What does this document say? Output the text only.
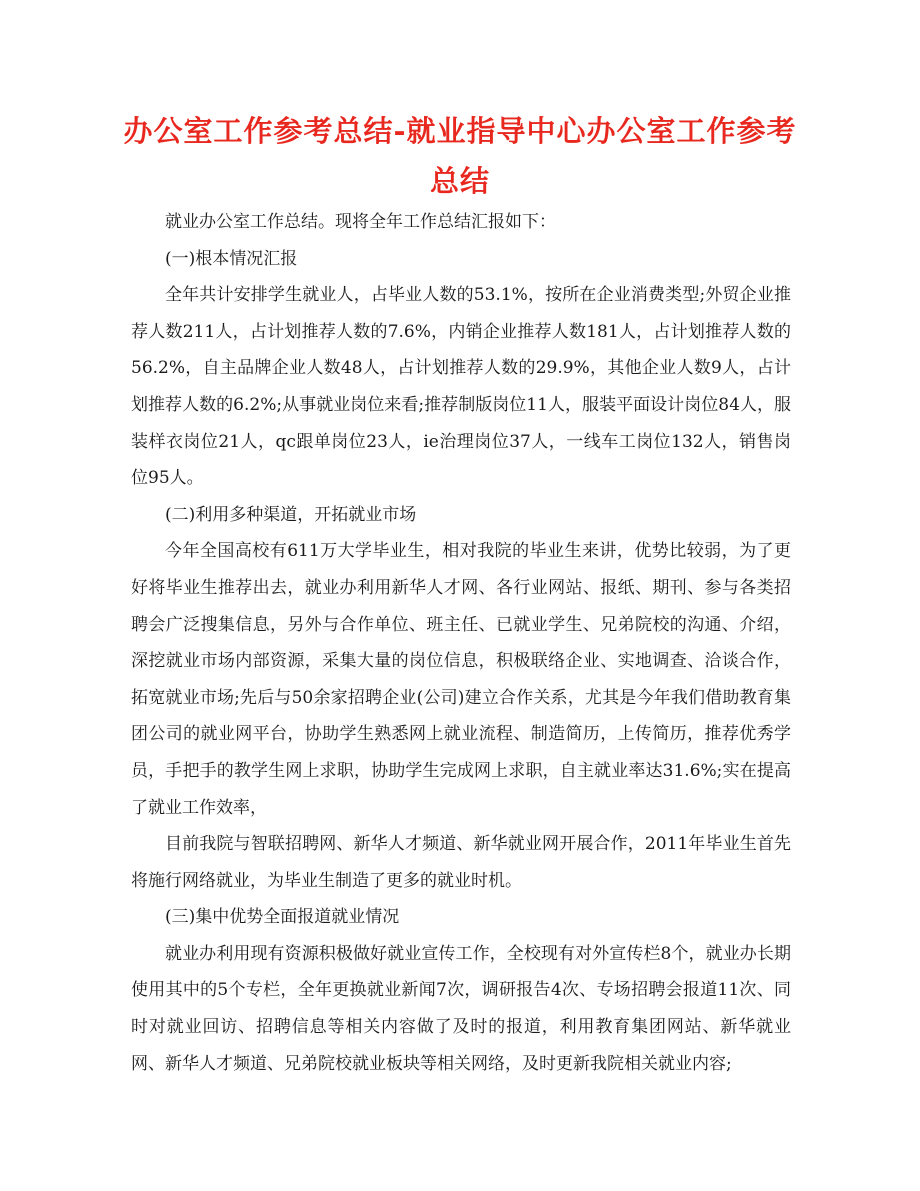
办公室工作参考总结-就业指导中心办公室工作参考总结

就业办公室工作总结。现将全年工作总结汇报如下：

(一)根本情况汇报

全年共计安排学生就业人，占毕业人数的53.1%，按所在企业消费类型;外贸企业推荐人数211人，占计划推荐人数的7.6%，内销企业推荐人数181人，占计划推荐人数的56.2%，自主品牌企业人数48人，占计划推荐人数的29.9%，其他企业人数9人，占计划推荐人数的6.2%;从事就业岗位来看;推荐制版岗位11人，服装平面设计岗位84人，服装样衣岗位21人，qc跟单岗位23人，ie治理岗位37人，一线车工岗位132人，销售岗位95人。

(二)利用多种渠道，开拓就业市场

今年全国高校有611万大学毕业生，相对我院的毕业生来讲，优势比较弱，为了更好将毕业生推荐出去，就业办利用新华人才网、各行业网站、报纸、期刊、参与各类招聘会广泛搜集信息，另外与合作单位、班主任、已就业学生、兄弟院校的沟通、介绍，深挖就业市场内部资源，采集大量的岗位信息，积极联络企业、实地调查、洽谈合作，拓宽就业市场;先后与50余家招聘企业(公司)建立合作关系，尤其是今年我们借助教育集团公司的就业网平台，协助学生熟悉网上就业流程、制造简历，上传简历，推荐优秀学员，手把手的教学生网上求职，协助学生完成网上求职，自主就业率达31.6%;实在提高了就业工作效率，

目前我院与智联招聘网、新华人才频道、新华就业网开展合作，2011年毕业生首先将施行网络就业，为毕业生制造了更多的就业时机。

(三)集中优势全面报道就业情况

就业办利用现有资源积极做好就业宣传工作，全校现有对外宣传栏8个，就业办长期使用其中的5个专栏，全年更换就业新闻7次，调研报告4次、专场招聘会报道11次、同时对就业回访、招聘信息等相关内容做了及时的报道，利用教育集团网站、新华就业网、新华人才频道、兄弟院校就业板块等相关网络，及时更新我院相关就业内容;
